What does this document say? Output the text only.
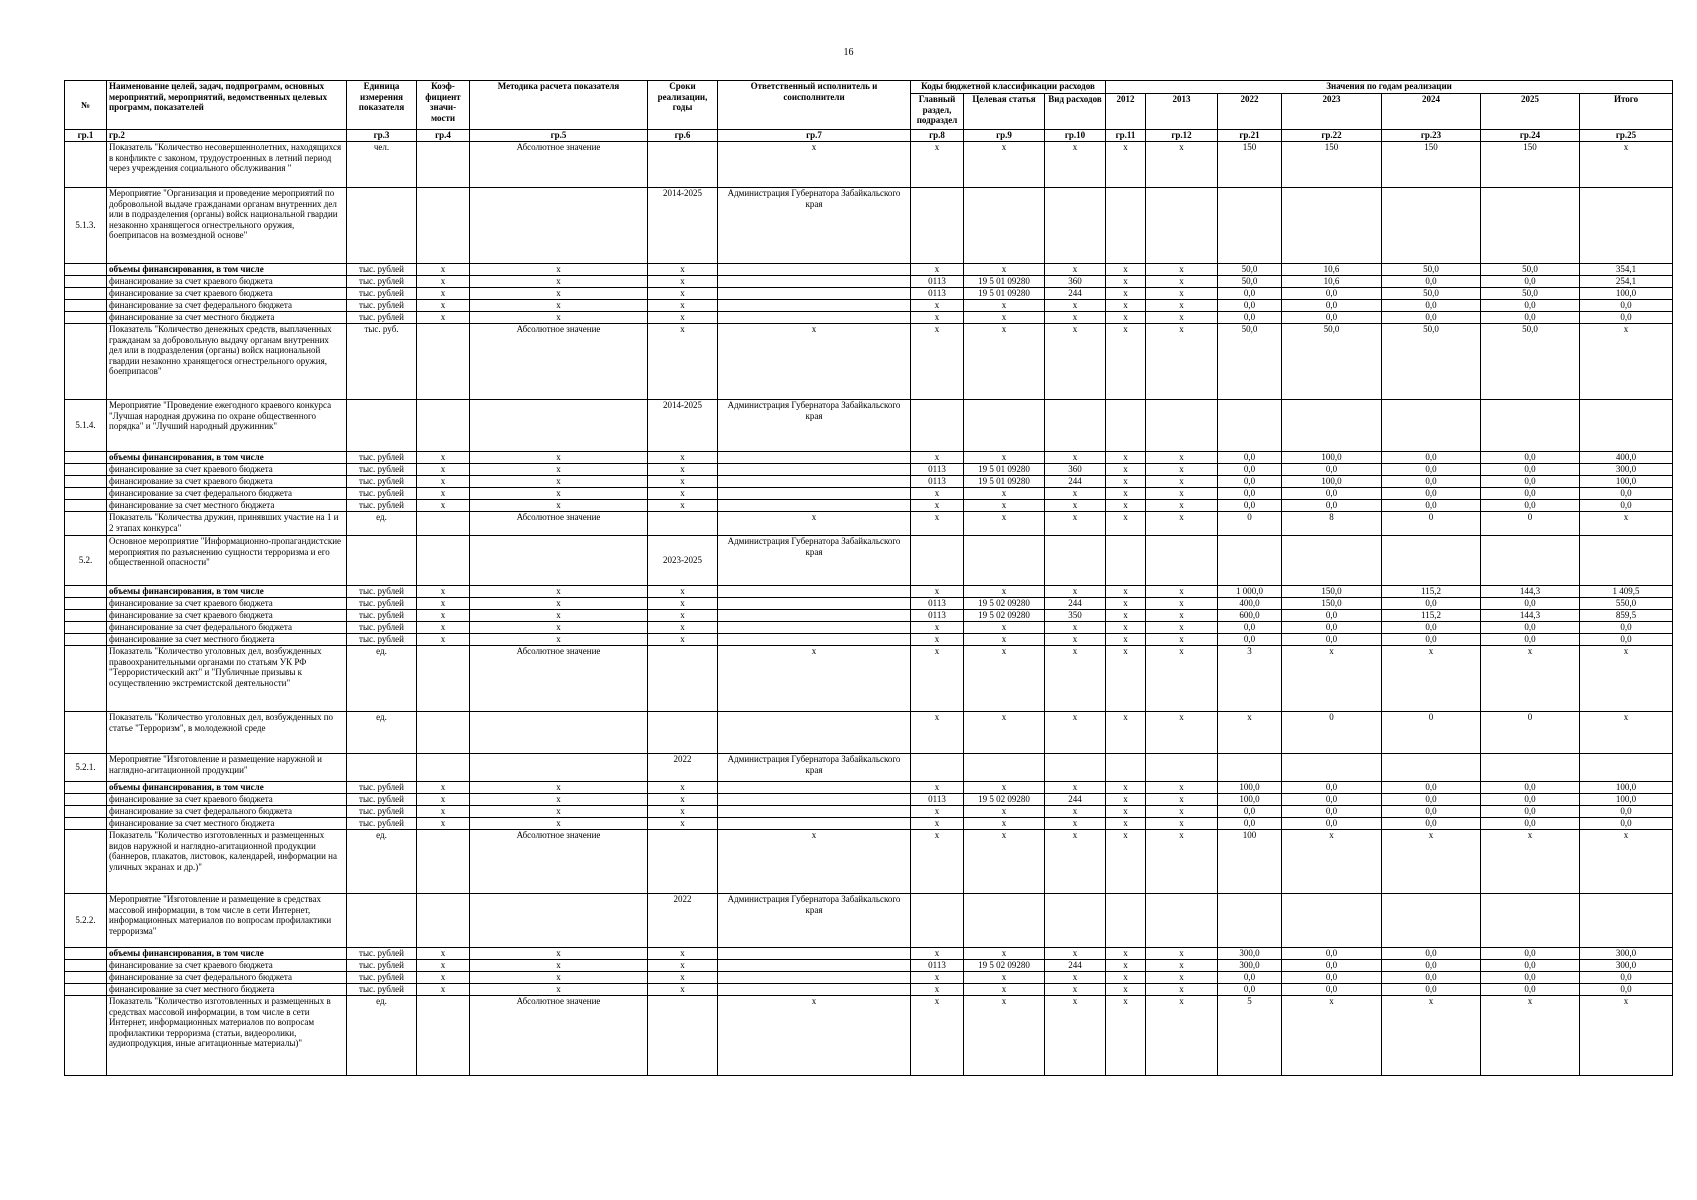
16
№	Наименование целей, задач, подпрограмм, основных мероприятий, мероприятий, ведомственных целевых программ, показателей	Единица измерения показателя	Коэф-фициент значи-мости	Методика расчета показателя	Сроки реализации, годы	Ответственный исполнитель и соисполнители	Коды бюджетной классификации расходов			Значения по годам реализации						
							Главный раздел, подраздел	Целевая статья	Вид расходов	2012	2013	2022	2023	2024	2025	Итого
гр.1	гр.2	гр.3	гр.4	гр.5	гр.6	гр.7	гр.8	гр.9	гр.10	гр.11	гр.12	гр.21	гр.22	гр.23	гр.24	гр.25
	Показатель "Количество несовершеннолетних, находящихся в конфликте с законом, трудоустроенных в летний период через учреждения социального обслуживания "	чел.		Абсолютное значение		x	x	x	x	x	x	150	150	150	150	x
5.1.3.	Мероприятие "Организация и проведение мероприятий по добровольной выдаче гражданами органам внутренних дел или в подразделения (органы) войск национальной гвардии незаконно хранящегося огнестрельного оружия, боеприпасов на возмездной основе"				2014-2025	Администрация Губернатора Забайкальского края										
	объемы финансирования, в том числе	тыс. рублей	x	x	x		x	x	x	x	x	50,0	10,6	50,0	50,0	354,1
	финансирование за счет краевого бюджета	тыс. рублей	x	x	x		0113	19 5 01 09280	360	x	x	50,0	10,6	0,0	0,0	254,1
	финансирование за счет краевого бюджета	тыс. рублей	x	x	x		0113	19 5 01 09280	244	x	x	0,0	0,0	50,0	50,0	100,0
	финансирование за счет федерального бюджета	тыс. рублей	x	x	x		x	x	x	x	x	0,0	0,0	0,0	0,0	0,0
	финансирование за счет местного бюджета	тыс. рублей	x	x	x		x	x	x	x	x	0,0	0,0	0,0	0,0	0,0
	Показатель "Количество денежных средств, выплаченных гражданам за добровольную выдачу органам внутренних дел или в подразделения (органы) войск национальной гвардии незаконно хранящегося огнестрельного оружия, боеприпасов"	тыс. руб.		Абсолютное значение	x	x	x	x	x	x	x	50,0	50,0	50,0	50,0	x
5.1.4.	Мероприятие "Проведение ежегодного краевого конкурса "Лучшая народная дружина по охране общественного порядка" и "Лучший народный дружинник"				2014-2025	Администрация Губернатора Забайкальского края										
	объемы финансирования, в том числе	тыс. рублей	x	x	x		x	x	x	x	x	0,0	100,0	0,0	0,0	400,0
	финансирование за счет краевого бюджета	тыс. рублей	x	x	x		0113	19 5 01 09280	360	x	x	0,0	0,0	0,0	0,0	300,0
	финансирование за счет краевого бюджета	тыс. рублей	x	x	x		0113	19 5 01 09280	244	x	x	0,0	100,0	0,0	0,0	100,0
	финансирование за счет федерального бюджета	тыс. рублей	x	x	x		x	x	x	x	x	0,0	0,0	0,0	0,0	0,0
	финансирование за счет местного бюджета	тыс. рублей	x	x	x		x	x	x	x	x	0,0	0,0	0,0	0,0	0,0
	Показатель "Количества дружин, принявших участие на 1 и 2 этапах конкурса"	ед.		Абсолютное значение		x	x	x	x	x	x	0	8	0	0	x
5.2.	Основное мероприятие "Информационно-пропагандистские мероприятия по разъяснению сущности терроризма и его общественной опасности"				2023-2025	Администрация Губернатора Забайкальского края										
	объемы финансирования, в том числе	тыс. рублей	x	x	x		x	x	x	x	x	1 000,0	150,0	115,2	144,3	1 409,5
	финансирование за счет краевого бюджета	тыс. рублей	x	x	x		0113	19 5 02 09280	244	x	x	400,0	150,0	0,0	0,0	550,0
	финансирование за счет краевого бюджета	тыс. рублей	x	x	x		0113	19 5 02 09280	350	x	x	600,0	0,0	115,2	144,3	859,5
	финансирование за счет федерального бюджета	тыс. рублей	x	x	x		x	x	x	x	x	0,0	0,0	0,0	0,0	0,0
	финансирование за счет местного бюджета	тыс. рублей	x	x	x		x	x	x	x	x	0,0	0,0	0,0	0,0	0,0
	Показатель "Количество уголовных дел, возбужденных правоохранительными органами по статьям УК РФ "Террористический акт" и "Публичные призывы к осуществлению экстремистской деятельности"	ед.		Абсолютное значение		x	x	x	x	x	x	3	x	x	x	x
	Показатель "Количество уголовных дел, возбужденных по статье "Терроризм", в молодежной среде	ед.					x	x	x	x	x	x	0	0	0	x
5.2.1.	Мероприятие "Изготовление и размещение наружной и наглядно-агитационной продукции"				2022	Администрация Губернатора Забайкальского края										
	объемы финансирования, в том числе	тыс. рублей	x	x	x		x	x	x	x	x	100,0	0,0	0,0	0,0	100,0
	финансирование за счет краевого бюджета	тыс. рублей	x	x	x		0113	19 5 02 09280	244	x	x	100,0	0,0	0,0	0,0	100,0
	финансирование за счет федерального бюджета	тыс. рублей	x	x	x		x	x	x	x	x	0,0	0,0	0,0	0,0	0,0
	финансирование за счет местного бюджета	тыс. рублей	x	x	x		x	x	x	x	x	0,0	0,0	0,0	0,0	0,0
	Показатель "Количество изготовленных и размещенных видов наружной и наглядно-агитационной продукции (баннеров, плакатов, листовок, календарей, информации на уличных экранах и др.)"	ед.		Абсолютное значение		x	x	x	x	x	x	100	x	x	x	x
5.2.2.	Мероприятие "Изготовление и размещение в средствах массовой информации, в том числе в сети Интернет, информационных материалов по вопросам профилактики терроризма"				2022	Администрация Губернатора Забайкальского края										
	объемы финансирования, в том числе	тыс. рублей	x	x	x		x	x	x	x	x	300,0	0,0	0,0	0,0	300,0
	финансирование за счет краевого бюджета	тыс. рублей	x	x	x		0113	19 5 02 09280	244	x	x	300,0	0,0	0,0	0,0	300,0
	финансирование за счет федерального бюджета	тыс. рублей	x	x	x		x	x	x	x	x	0,0	0,0	0,0	0,0	0,0
	финансирование за счет местного бюджета	тыс. рублей	x	x	x		x	x	x	x	x	0,0	0,0	0,0	0,0	0,0
	Показатель "Количество изготовленных и размещенных в средствах массовой информации, в том числе в сети Интернет, информационных материалов по вопросам профилактики терроризма (статьи, видеоролики, аудиопродукция, иные агитационные материалы)"	ед.		Абсолютное значение		x	x	x	x	x	x	5	x	x	x	x
